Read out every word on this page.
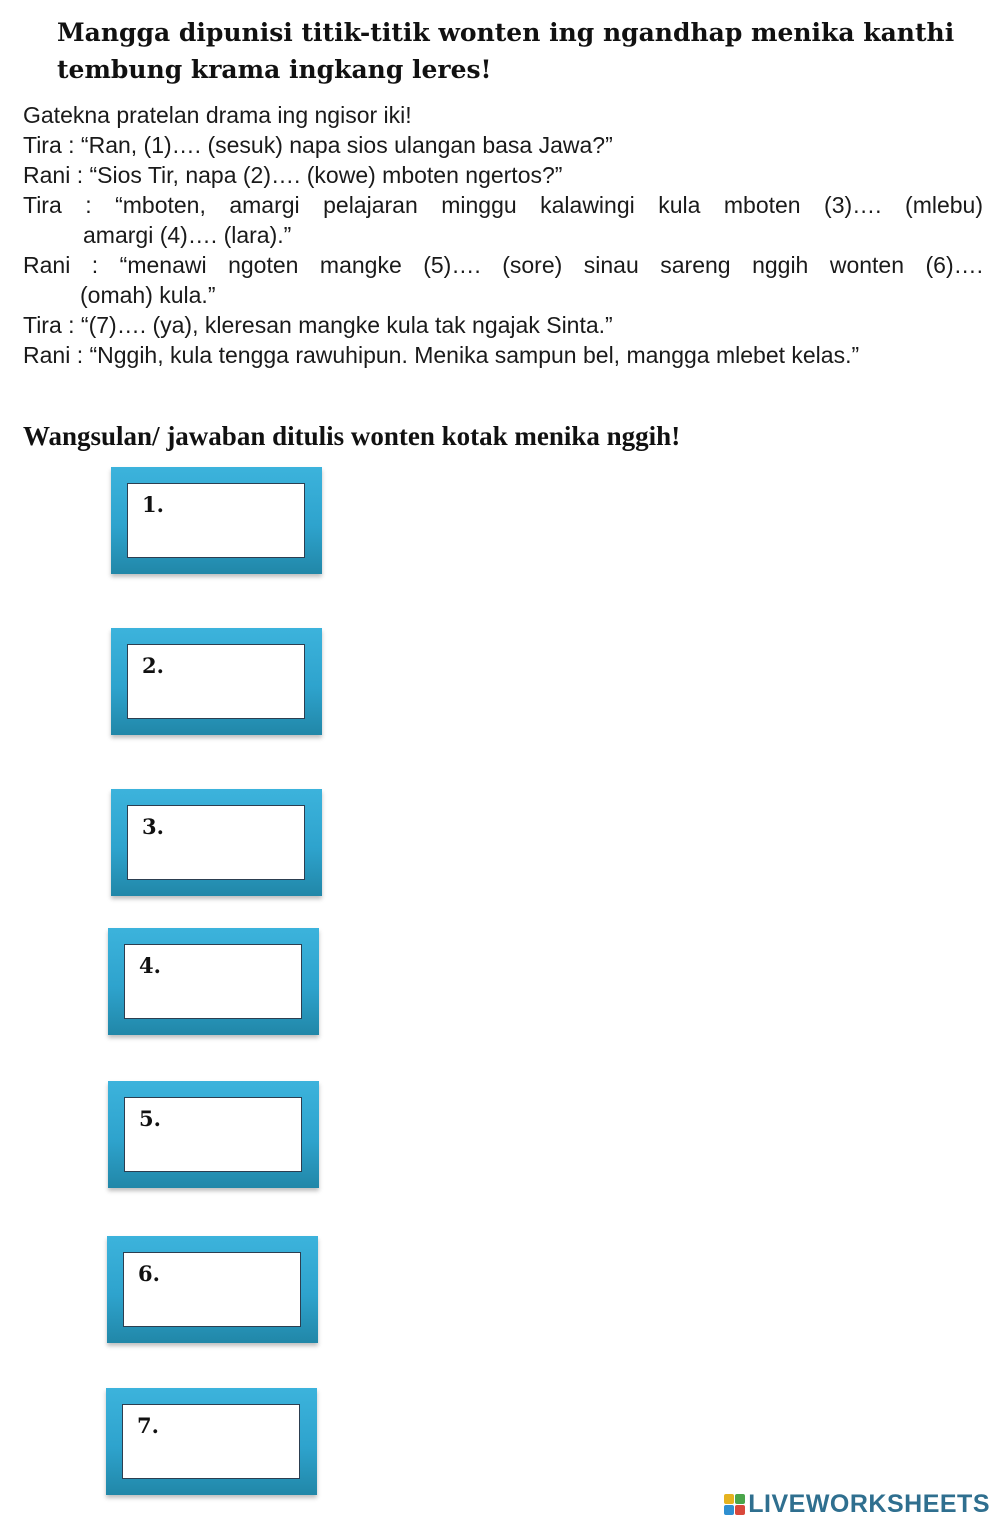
Mangga dipunisi titik-titik wonten ing ngandhap menika kanthi
tembung krama ingkang leres!

Gatekna pratelan drama ing ngisor iki!

Tira : “Ran, (1)…. (sesuk) napa sios ulangan basa Jawa?”

Rani : “Sios Tir, napa (2)…. (kowe) mboten ngertos?”

Tira : “mboten, amargi pelajaran minggu kalawingi kula mboten (3)…. (mlebu)

amargi (4)…. (lara).”

Rani : “menawi ngoten mangke (5)…. (sore) sinau sareng nggih wonten (6)….

(omah) kula.”

Tira : “(7)…. (ya), kleresan mangke kula tak ngajak Sinta.”

Rani : “Nggih, kula tengga rawuhipun. Menika sampun bel, mangga mlebet kelas.”

Wangsulan/ jawaban ditulis wonten kotak menika nggih!
1.
2.
3.
4.
5.
6.
7.
LIVEWORKSHEETS
